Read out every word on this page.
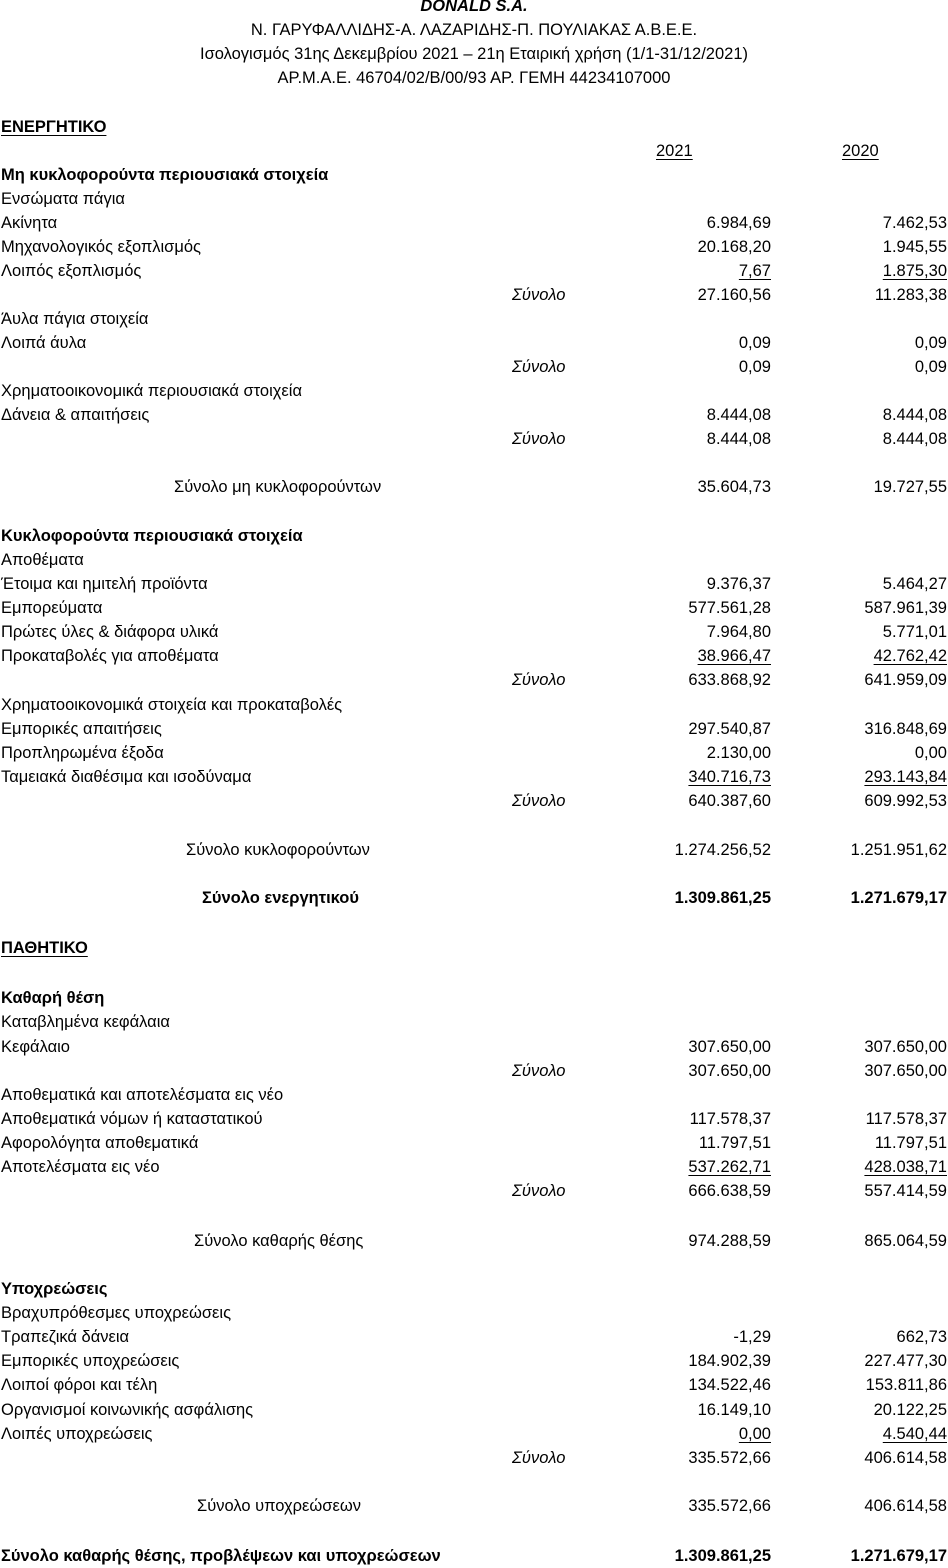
DONALD S.A.
Ν. ΓΑΡΥΦΑΛΛΙΔΗΣ-Α. ΛΑΖΑΡΙΔΗΣ-Π. ΠΟΥΛΙΑΚΑΣ Α.Β.Ε.Ε.
Ισολογισμός 31ης Δεκεμβρίου 2021 – 21η Εταιρική χρήση (1/1-31/12/2021)
ΑΡ.Μ.Α.Ε. 46704/02/Β/00/93 ΑΡ. ΓΕΜΗ 44234107000
ΕΝΕΡΓΗΤΙΚΟ
2021	2020
Μη κυκλοφορούντα περιουσιακά στοιχεία
Ενσώματα πάγια
Ακίνητα	6.984,69	7.462,53
Μηχανολογικός εξοπλισμός	20.168,20	1.945,55
Λοιπός εξοπλισμός	7,67	1.875,30
Σύνολο	27.160,56	11.283,38
Άυλα πάγια στοιχεία
Λοιπά άυλα	0,09	0,09
Σύνολο	0,09	0,09
Χρηματοοικονομικά περιουσιακά στοιχεία
Δάνεια & απαιτήσεις	8.444,08	8.444,08
Σύνολο	8.444,08	8.444,08
Σύνολο μη κυκλοφορούντων	35.604,73	19.727,55
Κυκλοφορούντα περιουσιακά στοιχεία
Αποθέματα
Έτοιμα και ημιτελή προϊόντα	9.376,37	5.464,27
Εμπορεύματα	577.561,28	587.961,39
Πρώτες ύλες & διάφορα υλικά	7.964,80	5.771,01
Προκαταβολές για αποθέματα	38.966,47	42.762,42
Σύνολο	633.868,92	641.959,09
Χρηματοοικονομικά στοιχεία και προκαταβολές
Εμπορικές απαιτήσεις	297.540,87	316.848,69
Προπληρωμένα έξοδα	2.130,00	0,00
Ταμειακά διαθέσιμα και ισοδύναμα	340.716,73	293.143,84
Σύνολο	640.387,60	609.992,53
Σύνολο κυκλοφορούντων	1.274.256,52	1.251.951,62
Σύνολο ενεργητικού	1.309.861,25	1.271.679,17
ΠΑΘΗΤΙΚΟ
Καθαρή θέση
Καταβλημένα κεφάλαια
Κεφάλαιο	307.650,00	307.650,00
Σύνολο	307.650,00	307.650,00
Αποθεματικά και αποτελέσματα εις νέο
Αποθεματικά νόμων ή καταστατικού	117.578,37	117.578,37
Αφορολόγητα αποθεματικά	11.797,51	11.797,51
Αποτελέσματα εις νέο	537.262,71	428.038,71
Σύνολο	666.638,59	557.414,59
Σύνολο καθαρής θέσης	974.288,59	865.064,59
Υποχρεώσεις
Βραχυπρόθεσμες υποχρεώσεις
Τραπεζικά δάνεια	-1,29	662,73
Εμπορικές υποχρεώσεις	184.902,39	227.477,30
Λοιποί φόροι και τέλη	134.522,46	153.811,86
Οργανισμοί κοινωνικής ασφάλισης	16.149,10	20.122,25
Λοιπές υποχρεώσεις	0,00	4.540,44
Σύνολο	335.572,66	406.614,58
Σύνολο υποχρεώσεων	335.572,66	406.614,58
Σύνολο καθαρής θέσης, προβλέψεων και υποχρεώσεων	1.309.861,25	1.271.679,17
